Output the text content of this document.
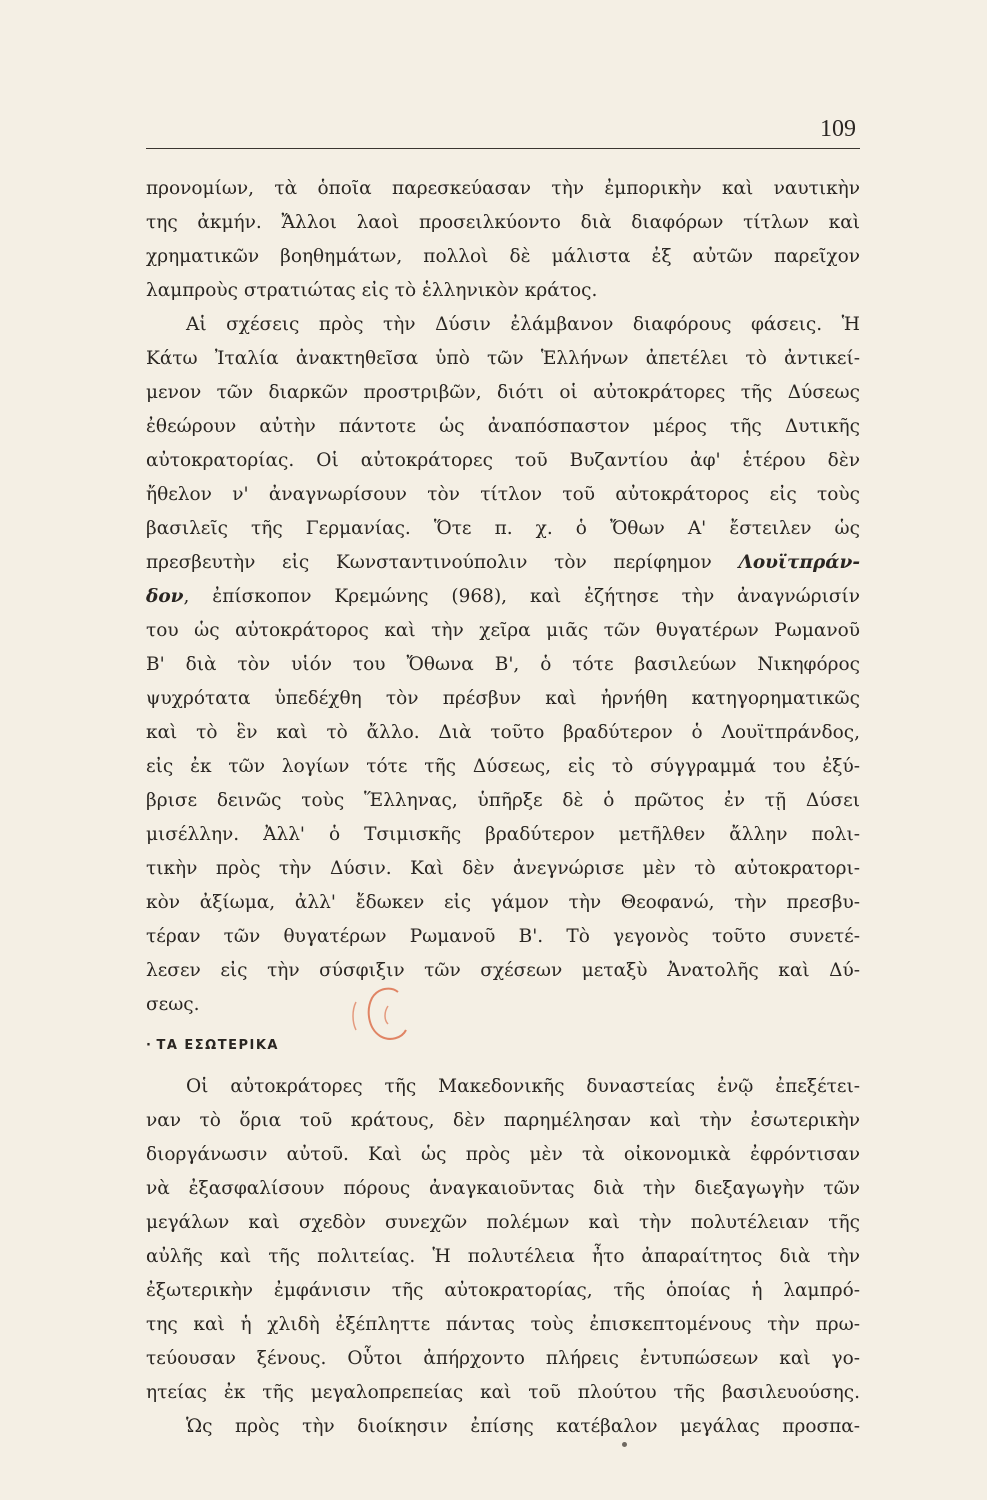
109
προνομίων, τὰ ὁποῖα παρεσκεύασαν τὴν ἐμπορικὴν καὶ ναυτικὴν
της ἀκμήν. Ἄλλοι λαοὶ προσειλκύοντο διὰ διαφόρων τίτλων καὶ
χρηματικῶν βοηθημάτων, πολλοὶ δὲ μάλιστα ἐξ αὐτῶν παρεῖχον
λαμπροὺς στρατιώτας εἰς τὸ ἑλληνικὸν κράτος.
Αἱ σχέσεις πρὸς τὴν Δύσιν ἐλάμβανον διαφόρους φάσεις. Ἡ
Κάτω Ἰταλία ἀνακτηθεῖσα ὑπὸ τῶν Ἑλλήνων ἀπετέλει τὸ ἀντικεί-
μενον τῶν διαρκῶν προστριβῶν, διότι οἱ αὐτοκράτορες τῆς Δύσεως
ἐθεώρουν αὐτὴν πάντοτε ὡς ἀναπόσπαστον μέρος τῆς Δυτικῆς
αὐτοκρατορίας. Οἱ αὐτοκράτορες τοῦ Βυζαντίου ἀφ' ἑτέρου δὲν
ἤθελον ν' ἀναγνωρίσουν τὸν τίτλον τοῦ αὐτοκράτορος εἰς τοὺς
βασιλεῖς τῆς Γερμανίας. Ὅτε π. χ. ὁ Ὄθων Α' ἔστειλεν ὡς
πρεσβευτὴν εἰς Κωνσταντινούπολιν τὸν περίφημον Λουϊτπράν-
δον, ἐπίσκοπον Κρεμώνης (968), καὶ ἐζήτησε τὴν ἀναγνώρισίν
του ὡς αὐτοκράτορος καὶ τὴν χεῖρα μιᾶς τῶν θυγατέρων Ρωμανοῦ
Β' διὰ τὸν υἱόν του Ὄθωνα Β', ὁ τότε βασιλεύων Νικηφόρος
ψυχρότατα ὑπεδέχθη τὸν πρέσβυν καὶ ἠρνήθη κατηγορηματικῶς
καὶ τὸ ἓν καὶ τὸ ἄλλο. Διὰ τοῦτο βραδύτερον ὁ Λουϊτπράνδος,
εἰς ἐκ τῶν λογίων τότε τῆς Δύσεως, εἰς τὸ σύγγραμμά του ἐξύ-
βρισε δεινῶς τοὺς Ἕλληνας, ὑπῆρξε δὲ ὁ πρῶτος ἐν τῇ Δύσει
μισέλλην. Ἀλλ' ὁ Τσιμισκῆς βραδύτερον μετῆλθεν ἄλλην πολι-
τικὴν πρὸς τὴν Δύσιν. Καὶ δὲν ἀνεγνώρισε μὲν τὸ αὐτοκρατορι-
κὸν ἀξίωμα, ἀλλ' ἔδωκεν εἰς γάμον τὴν Θεοφανώ, τὴν πρεσβυ-
τέραν τῶν θυγατέρων Ρωμανοῦ Β'. Τὸ γεγονὸς τοῦτο συνετέ-
λεσεν εἰς τὴν σύσφιξιν τῶν σχέσεων μεταξὺ Ἀνατολῆς καὶ Δύ-
σεως.
· ΤΑ ΕΣΩΤΕΡΙΚΑ
Οἱ αὐτοκράτορες τῆς Μακεδονικῆς δυναστείας ἐνῷ ἐπεξέτει-
ναν τὸ ὅρια τοῦ κράτους, δὲν παρημέλησαν καὶ τὴν ἐσωτερικὴν
διοργάνωσιν αὐτοῦ. Καὶ ὡς πρὸς μὲν τὰ οἰκονομικὰ ἐφρόντισαν
νὰ ἐξασφαλίσουν πόρους ἀναγκαιοῦντας διὰ τὴν διεξαγωγὴν τῶν
μεγάλων καὶ σχεδὸν συνεχῶν πολέμων καὶ τὴν πολυτέλειαν τῆς
αὐλῆς καὶ τῆς πολιτείας. Ἡ πολυτέλεια ἦτο ἀπαραίτητος διὰ τὴν
ἐξωτερικὴν ἐμφάνισιν τῆς αὐτοκρατορίας, τῆς ὁποίας ἡ λαμπρό-
της καὶ ἡ χλιδὴ ἐξέπληττε πάντας τοὺς ἐπισκεπτομένους τὴν πρω-
τεύουσαν ξένους. Οὗτοι ἀπήρχοντο πλήρεις ἐντυπώσεων καὶ γο-
ητείας ἐκ τῆς μεγαλοπρεπείας καὶ τοῦ πλούτου τῆς βασιλευούσης.
Ὡς πρὸς τὴν διοίκησιν ἐπίσης κατέβαλον μεγάλας προσπα-
